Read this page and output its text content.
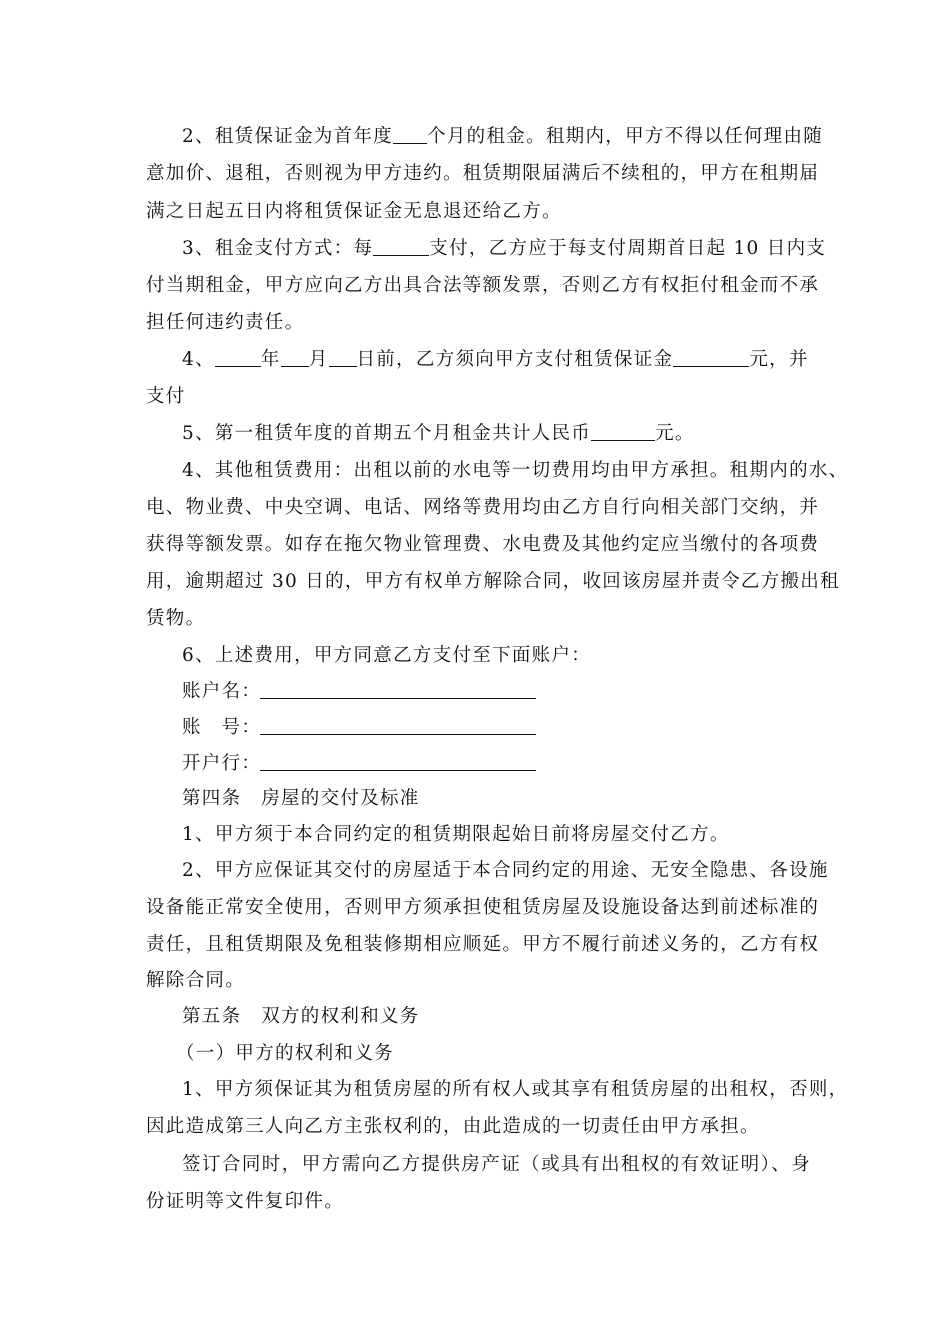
2、租赁保证金为首年度 个月的租金。租期内，甲方不得以任何理由随
意加价、退租，否则视为甲方违约。租赁期限届满后不续租的，甲方在租期届
满之日起五日内将租赁保证金无息退还给乙方。
3、租金支付方式：每	支付，乙方应于每支付周期首日起 10 日内支
付当期租金，甲方应向乙方出具合法等额发票，否则乙方有权拒付租金而不承
担任何违约责任。
4、 年 月 日前，乙方须向甲方支付租赁保证金	元，并
支付
5、第一租赁年度的首期五个月租金共计人民币	元。
4、其他租赁费用：出租以前的水电等一切费用均由甲方承担。租期内的水、
电、物业费、中央空调、电话、网络等费用均由乙方自行向相关部门交纳，并
获得等额发票。如存在拖欠物业管理费、水电费及其他约定应当缴付的各项费
用，逾期超过 30 日的，甲方有权单方解除合同，收回该房屋并责令乙方搬出租
赁物。
6、上述费用，甲方同意乙方支付至下面账户：
账户名：
账　号：
开户行：
第四条　房屋的交付及标准
1、甲方须于本合同约定的租赁期限起始日前将房屋交付乙方。
2、甲方应保证其交付的房屋适于本合同约定的用途、无安全隐患、各设施
设备能正常安全使用，否则甲方须承担使租赁房屋及设施设备达到前述标准的
责任，且租赁期限及免租装修期相应顺延。甲方不履行前述义务的，乙方有权
解除合同。
第五条　双方的权利和义务
（一）甲方的权利和义务
1、甲方须保证其为租赁房屋的所有权人或其享有租赁房屋的出租权，否则，
因此造成第三人向乙方主张权利的，由此造成的一切责任由甲方承担。
签订合同时，甲方需向乙方提供房产证（或具有出租权的有效证明）、身
份证明等文件复印件。
